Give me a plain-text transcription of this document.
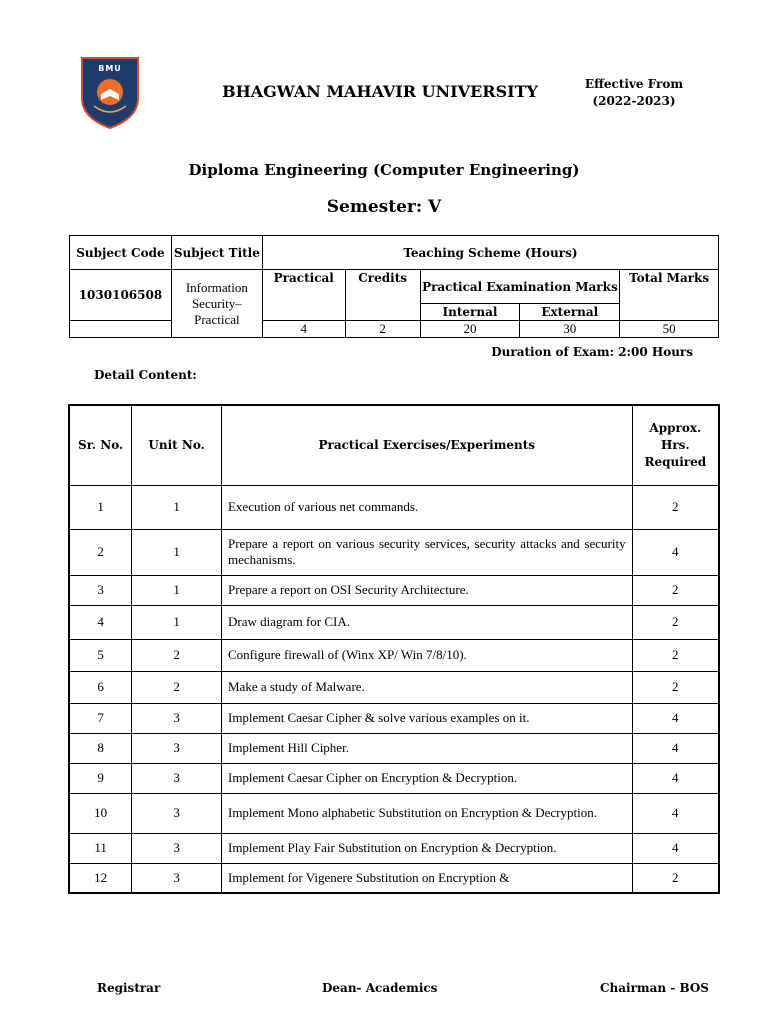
BMU
BHAGWAN MAHAVIR UNIVERSITY	Effective From
(2022-2023)
Diploma Engineering (Computer Engineering)
Semester: V
Subject Code	Subject Title	Teaching Scheme (Hours)				

1030106508	Information Security– Practical	Practical	Credits	Practical Examination Marks		Total Marks
				Internal	External	
		4	2	20	30	50
Duration of Exam: 2:00 Hours
Detail Content:
Sr. No.	Unit No.	Practical Exercises/Experiments	Approx. Hrs. Required
1	1	Execution of various net commands.	2
2	1	Prepare a report on various security services, security attacks and security mechanisms.	4
3	1	Prepare a report on OSI Security Architecture.	2
4	1	Draw diagram for CIA.	2
5	2	Configure firewall of (Winx XP/ Win 7/8/10).	2
6	2	Make a study of Malware.	2
7	3	Implement Caesar Cipher & solve various examples on it.	4
8	3	Implement Hill Cipher.	4
9	3	Implement Caesar Cipher on Encryption & Decryption.	4
10	3	Implement Mono alphabetic Substitution on Encryption & Decryption.	4
11	3	Implement Play Fair Substitution on Encryption & Decryption.	4
12	3	Implement for Vigenere Substitution on Encryption &	2
Registrar	Dean- Academics	Chairman - BOS
